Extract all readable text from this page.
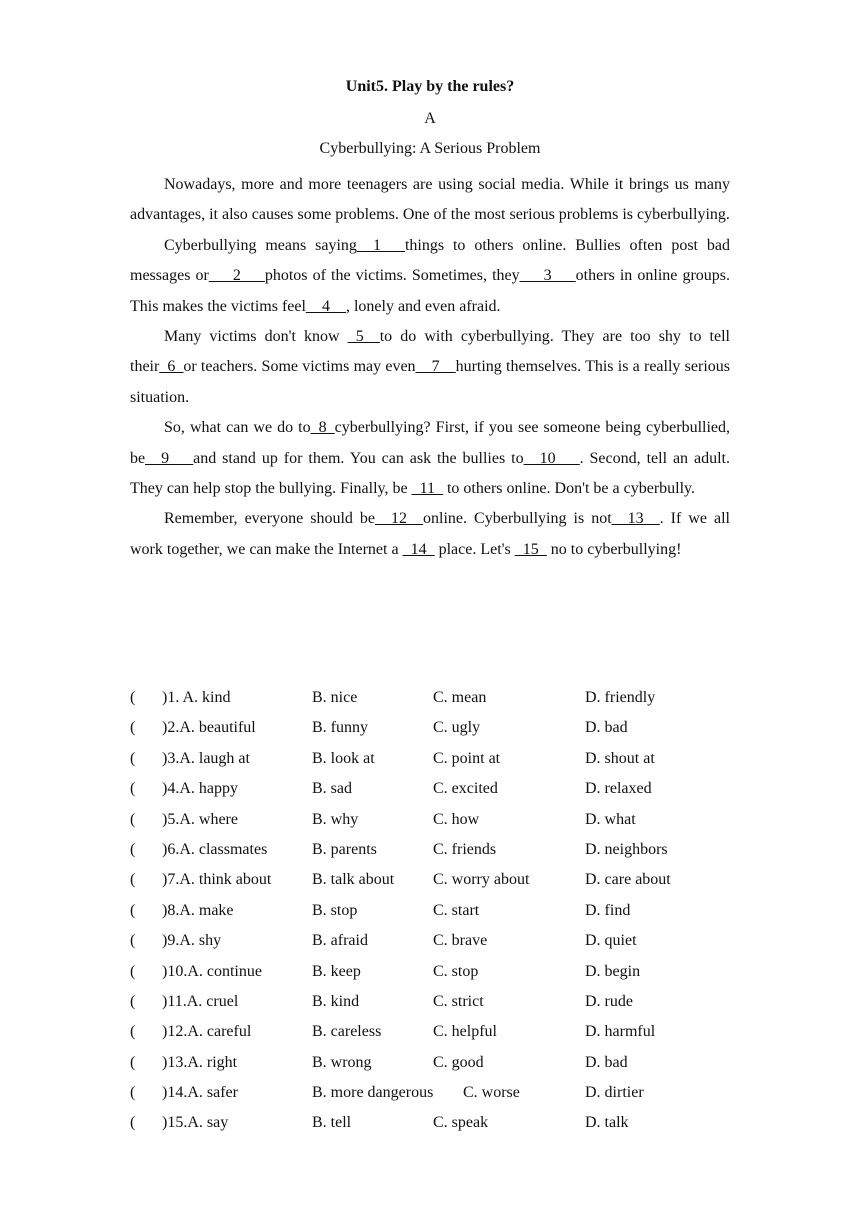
Unit5. Play by the rules?
A
Cyberbullying: A Serious Problem

Nowadays, more and more teenagers are using social media. While it brings us many advantages, it also causes some problems. One of the most serious problems is cyberbullying.

Cyberbullying means saying__1___things to others online. Bullies often post bad messages or___2___photos of the victims. Sometimes, they___3___others in online groups. This makes the victims feel__4__, lonely and even afraid.

Many victims don't know _5__to do with cyberbullying. They are too shy to tell their_6_or teachers. Some victims may even__7__hurting themselves. This is a really serious situation.

So, what can we do to_8_cyberbullying? First, if you see someone being cyberbullied, be__9___and stand up for them. You can ask the bullies to__10___. Second, tell an adult. They can help stop the bullying. Finally, be _11_ to others online. Don't be a cyberbully.

Remember, everyone should be__12__online. Cyberbullying is not__13__. If we all work together, we can make the Internet a _14_ place. Let's _15_ no to cyberbullying!

( )1. A. kind	B. nice	C. mean	D. friendly
( )2.A. beautiful	B. funny	C. ugly	D. bad
( )3.A. laugh at	B. look at	C. point at	D. shout at
( )4.A. happy	B. sad	C. excited	D. relaxed
( )5.A. where	B. why	C. how	D. what
( )6.A. classmates	B. parents	C. friends	D. neighbors
( )7.A. think about	B. talk about C. worry about	D. care about
( )8.A. make	B. stop	C. start	D. find
( )9.A. shy	B. afraid	C. brave	D. quiet
( )10.A. continue	B. keep	C. stop	D. begin
( )11.A. cruel	B. kind	C. strict	D. rude
( )12.A. careful	B. careless	C. helpful	D. harmful
( )13.A. right	B. wrong	C. good	D. bad
( )14.A. safer	B. more dangerous C. worse	D. dirtier
( )15.A. say	B. tell	C. speak	D. talk
